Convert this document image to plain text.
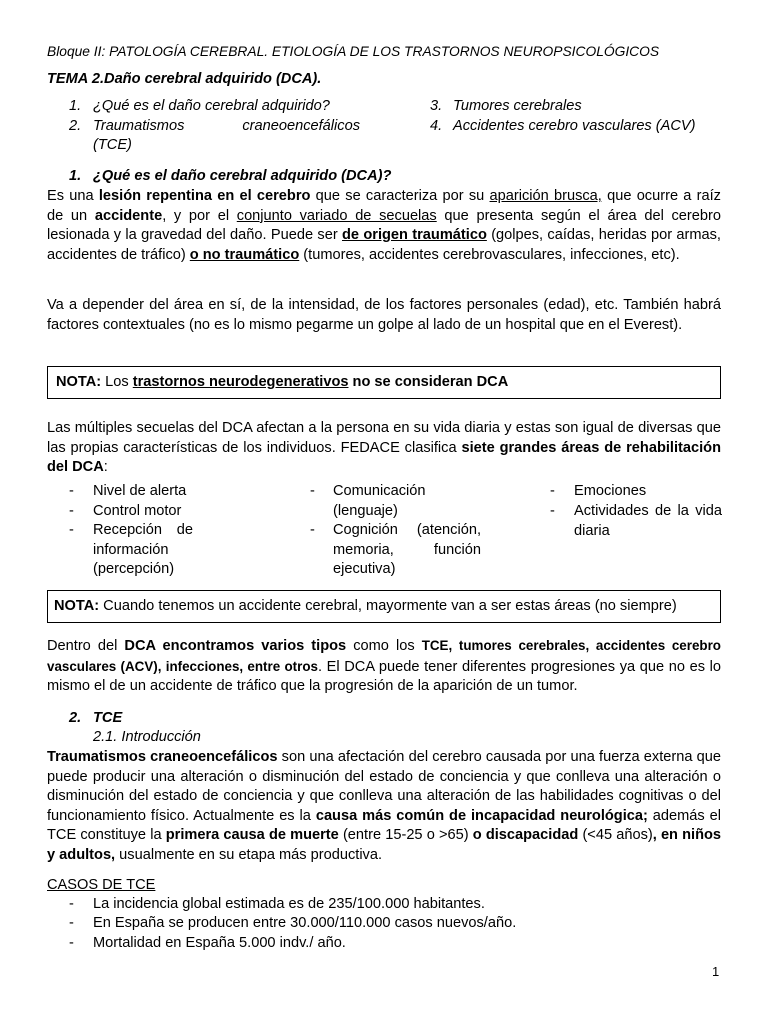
Bloque II: PATOLOGÍA CEREBRAL. ETIOLOGÍA DE LOS TRASTORNOS NEUROPSICOLÓGICOS
TEMA 2.Daño cerebral adquirido (DCA).
1. ¿Qué es el daño cerebral adquirido?
2. Traumatismos craneoencefálicos
(TCE)
3. Tumores cerebrales
4. Accidentes cerebro vasculares (ACV)
1. ¿Qué es el daño cerebral adquirido (DCA)?

Es una lesión repentina en el cerebro que se caracteriza por su aparición brusca, que ocurre a raíz de un accidente, y por el conjunto variado de secuelas que presenta según el área del cerebro lesionada y la gravedad del daño. Puede ser de origen traumático (golpes, caídas, heridas por armas, accidentes de tráfico) o no traumático (tumores, accidentes cerebrovasculares, infecciones, etc).

Va a depender del área en sí, de la intensidad, de los factores personales (edad), etc. También habrá factores contextuales (no es lo mismo pegarme un golpe al lado de un hospital que en el Everest).

NOTA: Los trastornos neurodegenerativos no se consideran DCA

Las múltiples secuelas del DCA afectan a la persona en su vida diaria y estas son igual de diversas que las propias características de los individuos. FEDACE clasifica siete grandes áreas de rehabilitación del DCA:

- Nivel de alerta
- Control motor
- Recepción de información (percepción)
- Comunicación (lenguaje)
- Cognición (atención, memoria, función ejecutiva)
- Emociones
- Actividades de la vida diaria
NOTA: Cuando tenemos un accidente cerebral, mayormente van a ser estas áreas (no siempre)

Dentro del DCA encontramos varios tipos como los TCE, tumores cerebrales, accidentes cerebro vasculares (ACV), infecciones, entre otros. El DCA puede tener diferentes progresiones ya que no es lo mismo el de un accidente de tráfico que la progresión de la aparición de un tumor.

2. TCE
2.1. Introducción

Traumatismos craneoencefálicos son una afectación del cerebro causada por una fuerza externa que puede producir una alteración o disminución del estado de conciencia y que conlleva una alteración o disminución del estado de conciencia y que conlleva una alteración de las habilidades cognitivas o del funcionamiento físico. Actualmente es la causa más común de incapacidad neurológica; además el TCE constituye la primera causa de muerte (entre 15-25 o >65) o discapacidad (<45 años), en niños y adultos, usualmente en su etapa más productiva.

CASOS DE TCE
- La incidencia global estimada es de 235/100.000 habitantes.
- En España se producen entre 30.000/110.000 casos nuevos/año.
- Mortalidad en España 5.000 indv./ año.
1
